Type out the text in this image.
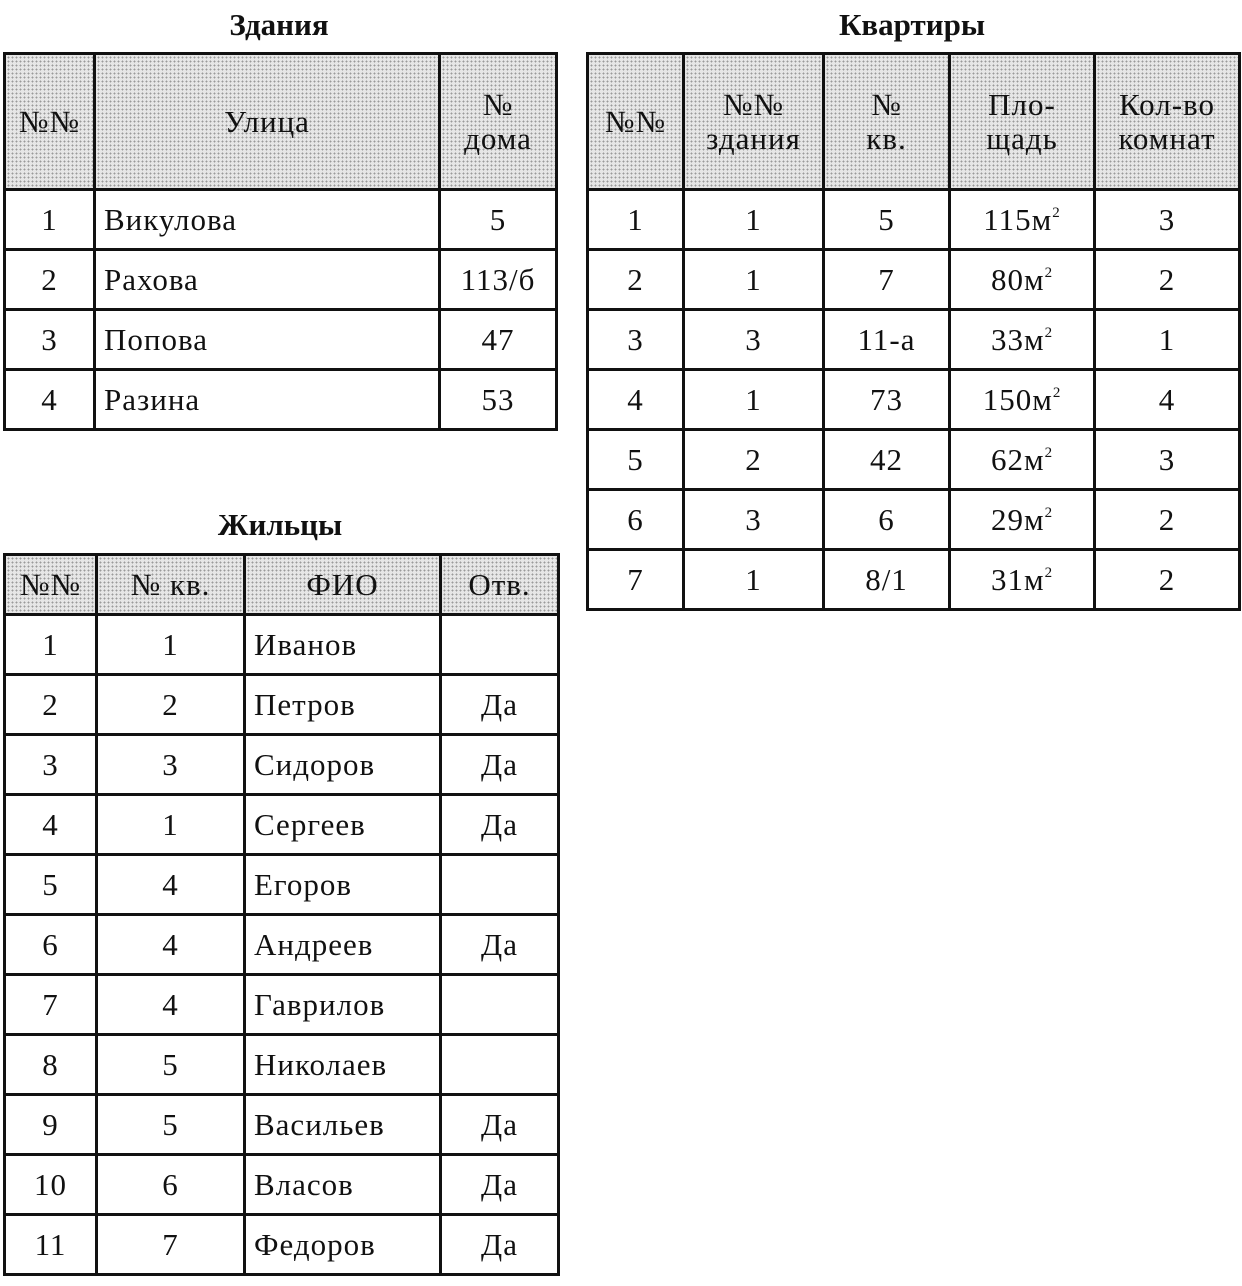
Здания
№№	Улица	№ дома
1	Викулова	5
2	Рахова	113/б
3	Попова	47
4	Разина	53
Квартиры
№№	№№ здания	№ кв.	Пло-щадь	Кол-во комнат
1	1	5	$115м^2$	3
2	1	7	$80м^2$	2
3	3	11-а	$33м^2$	1
4	1	73	$150м^2$	4
5	2	42	$62м^2$	3
6	3	6	$29м^2$	2
7	1	8/1	$31м^2$	2
Жильцы
№№	№ кв.	ФИО	Отв.
1	1	Иванов	
2	2	Петров	Да
3	3	Сидоров	Да
4	1	Сергеев	Да
5	4	Егоров	
6	4	Андреев	Да
7	4	Гаврилов	
8	5	Николаев	
9	5	Васильев	Да
10	6	Власов	Да
11	7	Федоров	Да
